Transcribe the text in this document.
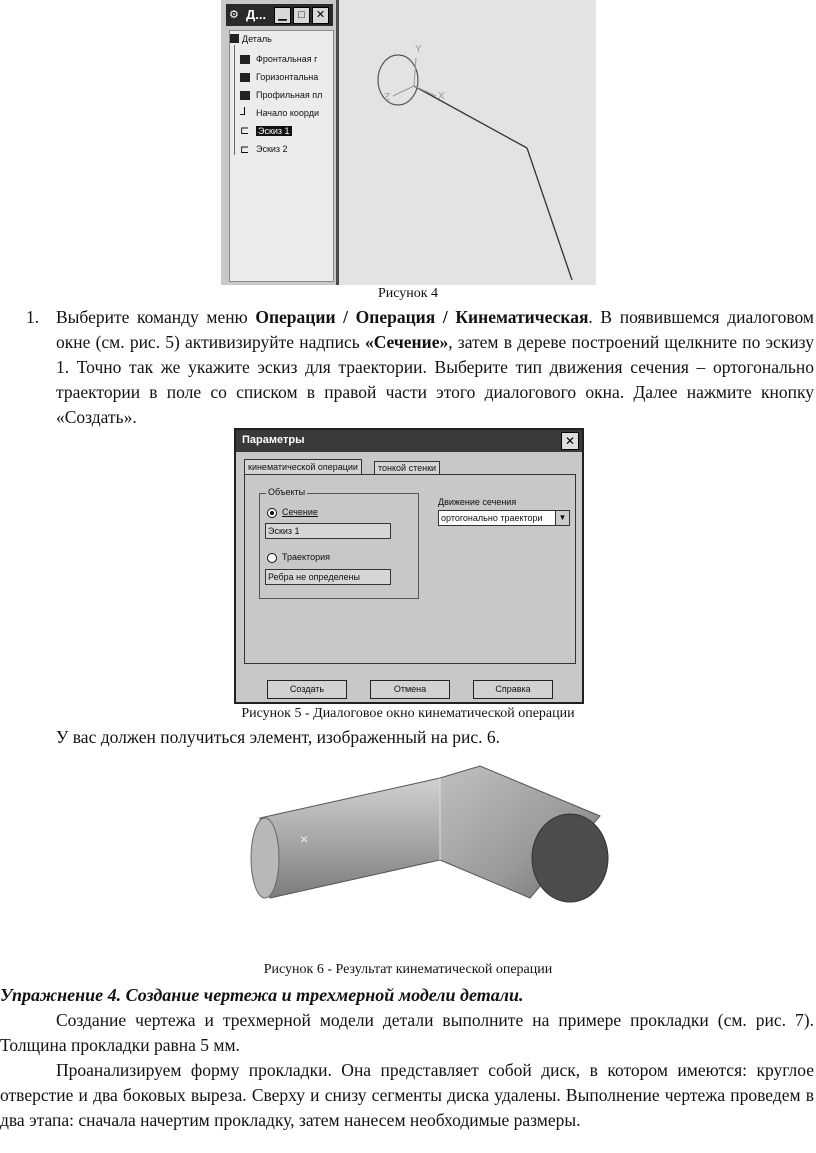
⚙ Д...	▁	□	✕
Деталь
Фронтальная г
Горизонтальна
Профильная пл
⅃ Начало коорди
⊏ Эскиз 1
⊏ Эскиз 2
Y
Z	X
Рисунок 4
1. Выберите команду меню Операции / Операция / Кинематическая. В появившемся диалоговом окне (см. рис. 5) активизируйте надпись «Сечение», затем в дереве построений щелкните по эскизу 1. Точно так же укажите эскиз для траектории. Выберите тип движения сечения – ортогонально траектории в поле со списком в правой части этого диалогового окна. Далее нажмите кнопку «Создать».
Параметры	✕
кинематической операции	тонкой стенки
Объекты
Сечение
Эскиз 1
Траектория
Ребра не определены
Движение сечения
ортогонально траектори	▼
Создать	Отмена	Справка
Рисунок 5 - Диалоговое окно кинематической операции
У вас должен получиться элемент, изображенный на рис. 6.
×
Рисунок 6 - Результат кинематической операции
Упражнение 4. Создание чертежа и трехмерной модели детали.
Создание чертежа и трехмерной модели детали выполните на примере прокладки (см. рис. 7). Толщина прокладки равна 5 мм.
Проанализируем форму прокладки. Она представляет собой диск, в котором имеются: круглое отверстие и два боковых выреза. Сверху и снизу сегменты диска удалены. Выполнение чертежа проведем в два этапа: сначала начертим прокладку, затем нанесем необходимые размеры.
